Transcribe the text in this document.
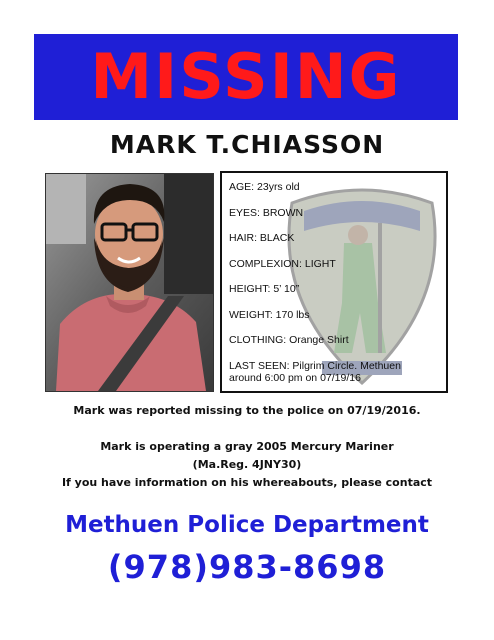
MISSING
MARK T.CHIASSON
AGE: 23yrs old
EYES: BROWN
HAIR: BLACK
COMPLEXION: LIGHT
HEIGHT: 5’ 10”
WEIGHT: 170 lbs
CLOTHING: Orange Shirt
LAST SEEN: Pilgrim Circle. Methuen
around 6:00 pm on 07/19/16
Mark was reported missing to the police on 07/19/2016.
Mark is operating a gray 2005 Mercury Mariner
(Ma.Reg. 4JNY30)
If you have information on his whereabouts, please contact
Methuen Police Department
(978)983-8698
